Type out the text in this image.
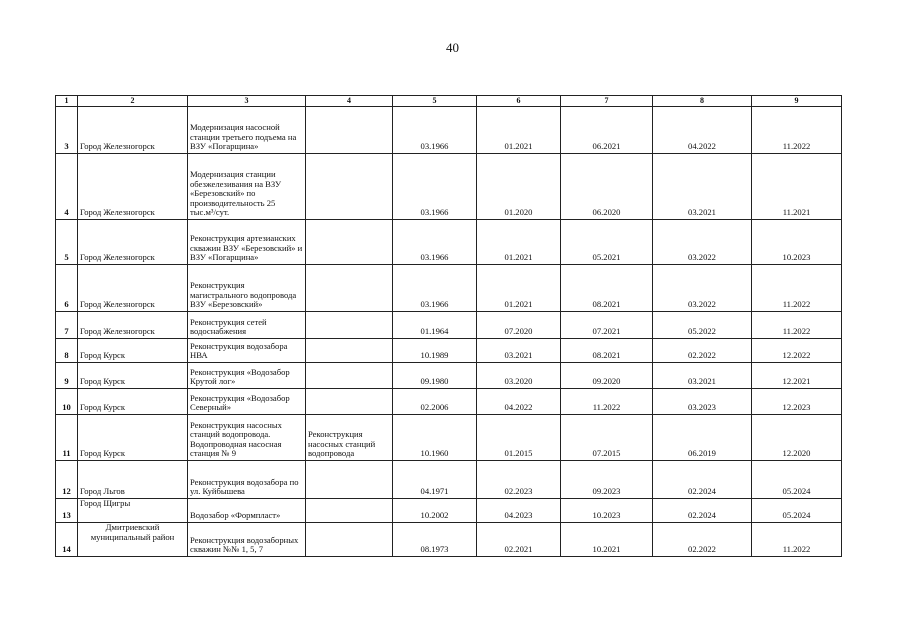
40
1	2	3	4	5	6	7	8	9
3	Город Железногорск	Модернизация насосной станции третьего подъема на ВЗУ «Погарщина»		03.1966	01.2021	06.2021	04.2022	11.2022
4	Город Железногорск	Модернизация станции обезжелезивания на ВЗУ «Березовский» по производительность 25 тыс.м³/сут.		03.1966	01.2020	06.2020	03.2021	11.2021
5	Город Железногорск	Реконструкция артезианских скважин ВЗУ «Березовский» и ВЗУ «Погарщина»		03.1966	01.2021	05.2021	03.2022	10.2023
6	Город Железногорск	Реконструкция магистрального водопровода ВЗУ «Березовский»		03.1966	01.2021	08.2021	03.2022	11.2022
7	Город Железногорск	Реконструкция сетей водоснабжения		01.1964	07.2020	07.2021	05.2022	11.2022
8	Город Курск	Реконструкция водозабора НВА		10.1989	03.2021	08.2021	02.2022	12.2022
9	Город Курск	Реконструкция «Водозабор Крутой лог»		09.1980	03.2020	09.2020	03.2021	12.2021
10	Город Курск	Реконструкция «Водозабор Северный»		02.2006	04.2022	11.2022	03.2023	12.2023
11	Город Курск	Реконструкция насосных станций водопровода. Водопроводная насосная станция № 9	Реконструкция насосных станций водопровода	10.1960	01.2015	07.2015	06.2019	12.2020
12	Город Льгов	Реконструкция водозабора по ул. Куйбышева		04.1971	02.2023	09.2023	02.2024	05.2024
13	Город Щигры	Водозабор «Формпласт»		10.2002	04.2023	10.2023	02.2024	05.2024
14	Дмитриевский муниципальный район	Реконструкция водозаборных скважин №№ 1, 5, 7		08.1973	02.2021	10.2021	02.2022	11.2022
